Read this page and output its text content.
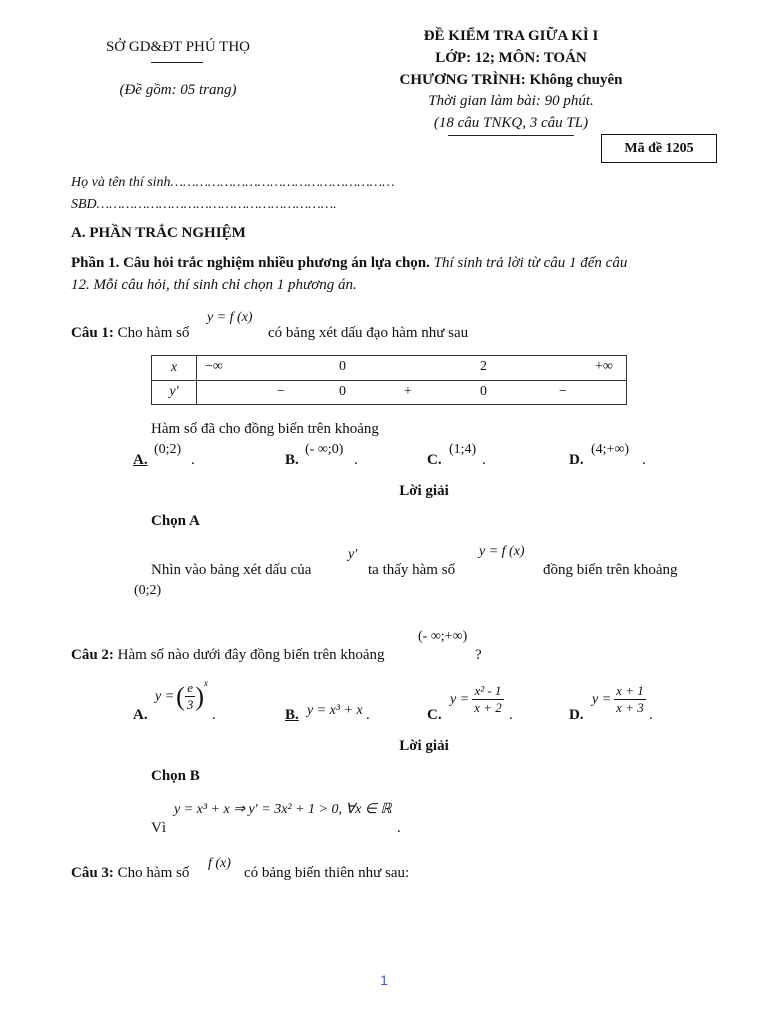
SỞ GD&ĐT PHÚ THỌ
(Đề gồm: 05 trang)
ĐỀ KIỂM TRA GIỮA KÌ I
LỚP: 12; MÔN: TOÁN
CHƯƠNG TRÌNH: Không chuyên
Thời gian làm bài: 90 phút.
(18 câu TNKQ, 3 câu TL)
Mã đề 1205
Họ và tên thí sinh………………………………………………
SBD………………………………………………….
A. PHẦN TRẮC NGHIỆM
Phần 1. Câu hỏi trắc nghiệm nhiều phương án lựa chọn. Thí sinh trả lời từ câu 1 đến câu
12. Mỗi câu hỏi, thí sinh chỉ chọn 1 phương án.
y = f (x)
Câu 1: Cho hàm số	có bảng xét dấu đạo hàm như sau
x	−∞ 0 2 +∞

y′	− 0 + 0 −
Hàm số đã cho đồng biến trên khoảng
A.
(0;2)
.	B.
(- ∞;0)
.	C.
(1;4)
.	D.
(4;+∞)
.
Lời giải
Chọn A
y′	y = f (x)
Nhìn vào bảng xét dấu của	ta thấy hàm số	đồng biến trên khoảng
(0;2)
(- ∞;+∞)
Câu 2: Hàm số nào dưới đây đồng biến trên khoảng	?
A.
y = ( $\frac{e}{3}$ ) x
.	B. y = x³ + x .	C.
$y = \frac{\text{x² - 1}}{x + 2}$ .	D.
$y = \frac{x + 1}{x + 3}$ .
Lời giải
Chọn B
y = x³ + x ⇒ y′ = 3x² + 1 > 0, ∀x ∈ ℝ
Vì	.
f (x)
Câu 3: Cho hàm số	có bảng biến thiên như sau:
1
